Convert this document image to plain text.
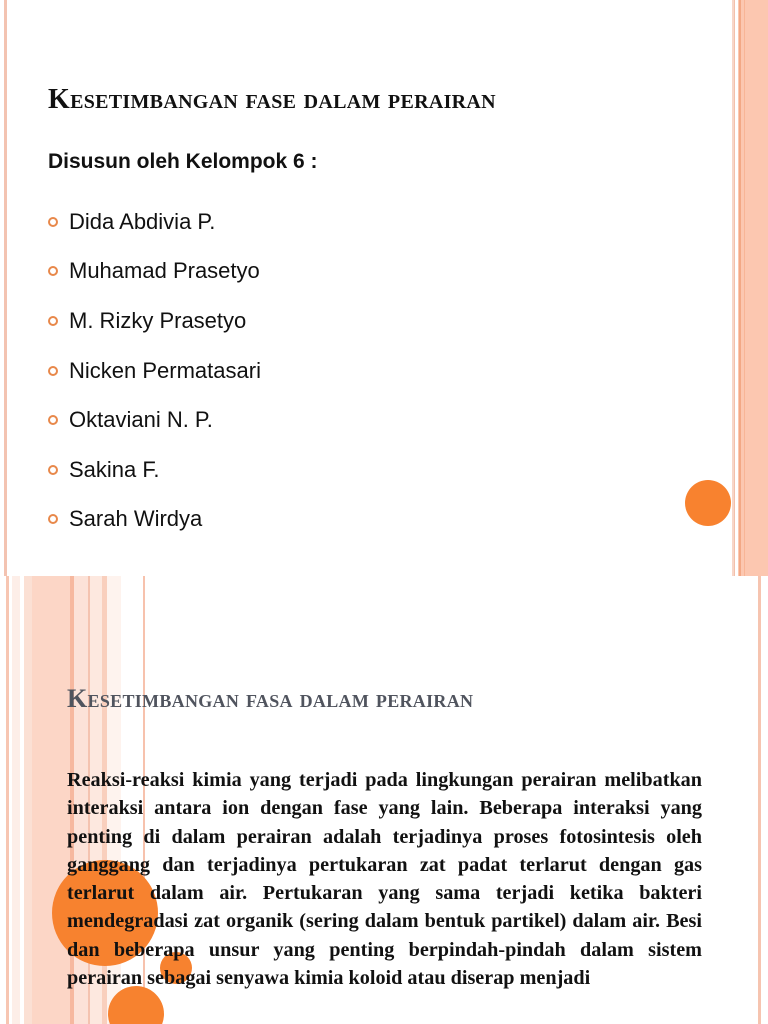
Kesetimbangan fase dalam perairan
Disusun oleh Kelompok 6 :
Dida Abdivia P.
Muhamad Prasetyo
M. Rizky Prasetyo
Nicken Permatasari
Oktaviani N. P.
Sakina F.
Sarah Wirdya
Kesetimbangan fasa dalam perairan

Reaksi-reaksi kimia yang terjadi pada lingkungan perairan melibatkan interaksi antara ion dengan fase yang lain. Beberapa interaksi yang penting di dalam perairan adalah terjadinya proses fotosintesis oleh ganggang dan terjadinya pertukaran zat padat terlarut dengan gas terlarut dalam air. Pertukaran yang sama terjadi ketika bakteri mendegradasi zat organik (sering dalam bentuk partikel) dalam air. Besi dan beberapa unsur yang penting berpindah-pindah dalam sistem perairan sebagai senyawa kimia koloid atau diserap menjadi
